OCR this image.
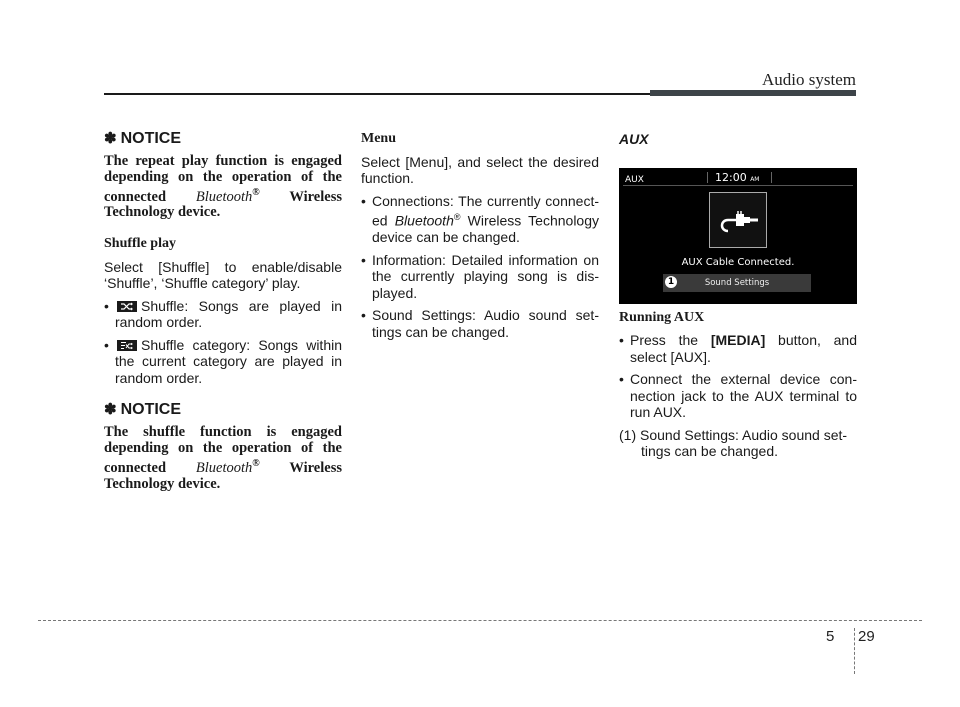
Audio system
✽ NOTICE

The repeat play function is engaged depending on the operation of the connected Bluetooth® Wireless Technology device.

Shuffle play

Select [Shuffle] to enable/disable ‘Shuffle’, ‘Shuffle category’ play.

• Shuffle: Songs are played in random order.
• Shuffle category: Songs within the current category are played in random order.
✽ NOTICE

The shuffle function is engaged depending on the operation of the connected Bluetooth® Wireless Technology device.

Menu

Select [Menu], and select the desired function.

• Connections: The currently connect-ed Bluetooth® Wireless Technology device can be changed.
• Information: Detailed information on the currently playing song is dis-played.
• Sound Settings: Audio sound set-tings can be changed.
AUX
AUX	12:00 AM
AUX Cable Connected.
Sound Settings
1
Running AUX
• Press the [MEDIA] button, and select [AUX].
• Connect the external device con-nection jack to the AUX terminal to run AUX.
(1) Sound Settings: Audio sound set-tings can be changed.
5 29
